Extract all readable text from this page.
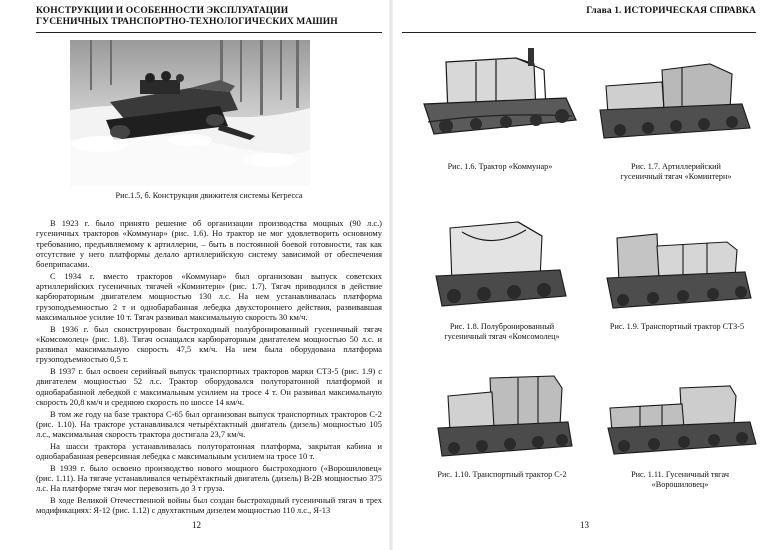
КОНСТРУКЦИИ И ОСОБЕННОСТИ ЭКСПЛУАТАЦИИ
ГУСЕНИЧНЫХ ТРАНСПОРТНО-ТЕХНОЛОГИЧЕСКИХ МАШИН
Рис.1.5, б. Конструкция движителя системы Кегресса

В 1923 г. было принято решение об организации производства мощных (90 л.с.) гусеничных тракторов «Коммунар» (рис. 1.6). Но трактор не мог удовлетворить основному требованию, предъявляемому к артиллерии, – быть в постоянной боевой готовности, так как отсутствие у него платформы делало артиллерийскую систему зависимой от обеспечения боеприпасами.

С 1934 г. вместо тракторов «Коммунар» был организован выпуск советских артиллерийских гусеничных тягачей «Коминтерн» (рис. 1.7). Тягач приводился в действие карбюраторным двигателем мощностью 130 л.с. На нем устанавливалась платформа грузоподъемностью 2 т и однобарабанная лебедка двухстороннего действия, развивавшая максимальное усилие 10 т. Тягач развивал максимальную скорость 30 км/ч.

В 1936 г. был сконструирован быстроходный полубронированный гусеничный тягач «Комсомолец» (рис. 1.8). Тягач оснащался карбюраторным двигателем мощностью 50 л.с. и развивал максимальную скорость 47,5 км/ч. На нем была оборудована платформа грузоподъемностью 0,5 т.

В 1937 г. был освоен серийный выпуск транспортных тракторов марки СТЗ-5 (рис. 1.9) с двигателем мощностью 52 л.с. Трактор оборудовался полуторатонной платформой и однобарабанной лебедкой с максимальным усилием на тросе 4 т. Он развивал максимальную скорость 20,8 км/ч и среднюю скорость по шоссе 14 км/ч.

В том же году на базе трактора С-65 был организован выпуск транспортных тракторов С-2 (рис. 1.10). На тракторе устанавливался четырёхтактный двигатель (дизель) мощностью 105 л.с., максимальная скорость трактора достигала 23,7 км/ч.

На шасси трактора устанавливалась полуторатонная платформа, закрытая кабина и однобарабанная реверсивная лебедка с максимальным усилием на тросе 10 т.

В 1939 г. было освоено производство нового мощного быстроходного («Ворошиловец» (рис. 1.11). На тягаче устанавливался четырёхтактный двигатель (дизель) В-2В мощностью 375 л.с. На платформе тягач мог перевозить до 3 т груза.

В ходе Великой Отечественной войны был создан быстроходный гусеничный тягач в трех модификациях: Я-12 (рис. 1.12) с двухтактным дизелем мощностью 110 л.с., Я-13

12
Глава 1. ИСТОРИЧЕСКАЯ СПРАВКА
Рис. 1.6. Трактор «Коммунар»	Рис. 1.7. Артиллерийский
гусеничный тягач «Коминтерн»
Рис. 1.8. Полубронированный
гусеничный тягач «Комсомолец»
Рис. 1.9. Транспортный трактор СТЗ-5
Рис. 1.10. Транспортный трактор С-2	Рис. 1.11. Гусеничный тягач
«Ворошиловец»
13
